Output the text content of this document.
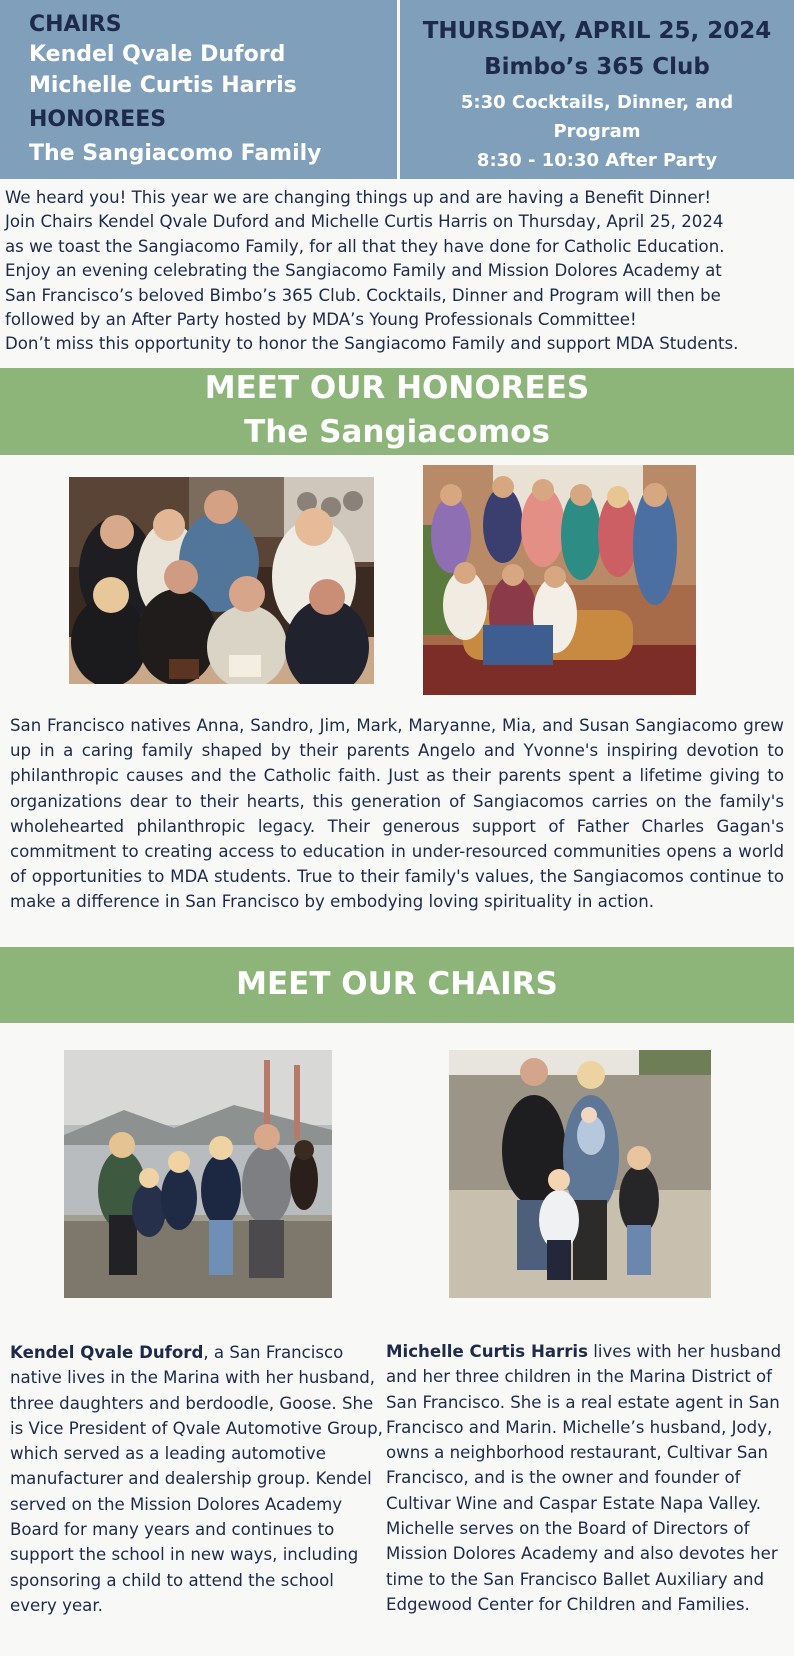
CHAIRS
Kendel Qvale Duford
Michelle Curtis Harris
HONOREES
The Sangiacomo Family
THURSDAY, APRIL 25, 2024
Bimbo’s 365 Club
5:30 Cocktails, Dinner, and
Program
8:30 - 10:30 After Party

We heard you! This year we are changing things up and are having a Benefit Dinner!

Join Chairs Kendel Qvale Duford and Michelle Curtis Harris on Thursday, April 25, 2024

as we toast the Sangiacomo Family, for all that they have done for Catholic Education.

Enjoy an evening celebrating the Sangiacomo Family and Mission Dolores Academy at

San Francisco’s beloved Bimbo’s 365 Club. Cocktails, Dinner and Program will then be

followed by an After Party hosted by MDA’s Young Professionals Committee!

Don’t miss this opportunity to honor the Sangiacomo Family and support MDA Students.

MEET OUR HONOREES
The Sangiacomos

San Francisco natives Anna, Sandro, Jim, Mark, Maryanne, Mia, and Susan Sangiacomo grew up in a caring family shaped by their parents Angelo and Yvonne's inspiring devotion to philanthropic causes and the Catholic faith. Just as their parents spent a lifetime giving to organizations dear to their hearts, this generation of Sangiacomos carries on the family's wholehearted philanthropic legacy. Their generous support of Father Charles Gagan's commitment to creating access to education in under-resourced communities opens a world of opportunities to MDA students. True to their family's values, the Sangiacomos continue to make a difference in San Francisco by embodying loving spirituality in action.

MEET OUR CHAIRS

Kendel Qvale Duford, a San Francisco native lives in the Marina with her husband, three daughters and berdoodle, Goose. She is Vice President of Qvale Automotive Group, which served as a leading automotive manufacturer and dealership group. Kendel served on the Mission Dolores Academy Board for many years and continues to support the school in new ways, including sponsoring a child to attend the school every year.

Michelle Curtis Harris lives with her husband and her three children in the Marina District of San Francisco. She is a real estate agent in San Francisco and Marin. Michelle’s husband, Jody, owns a neighborhood restaurant, Cultivar San Francisco, and is the owner and founder of Cultivar Wine and Caspar Estate Napa Valley. Michelle serves on the Board of Directors of Mission Dolores Academy and also devotes her time to the San Francisco Ballet Auxiliary and Edgewood Center for Children and Families.
